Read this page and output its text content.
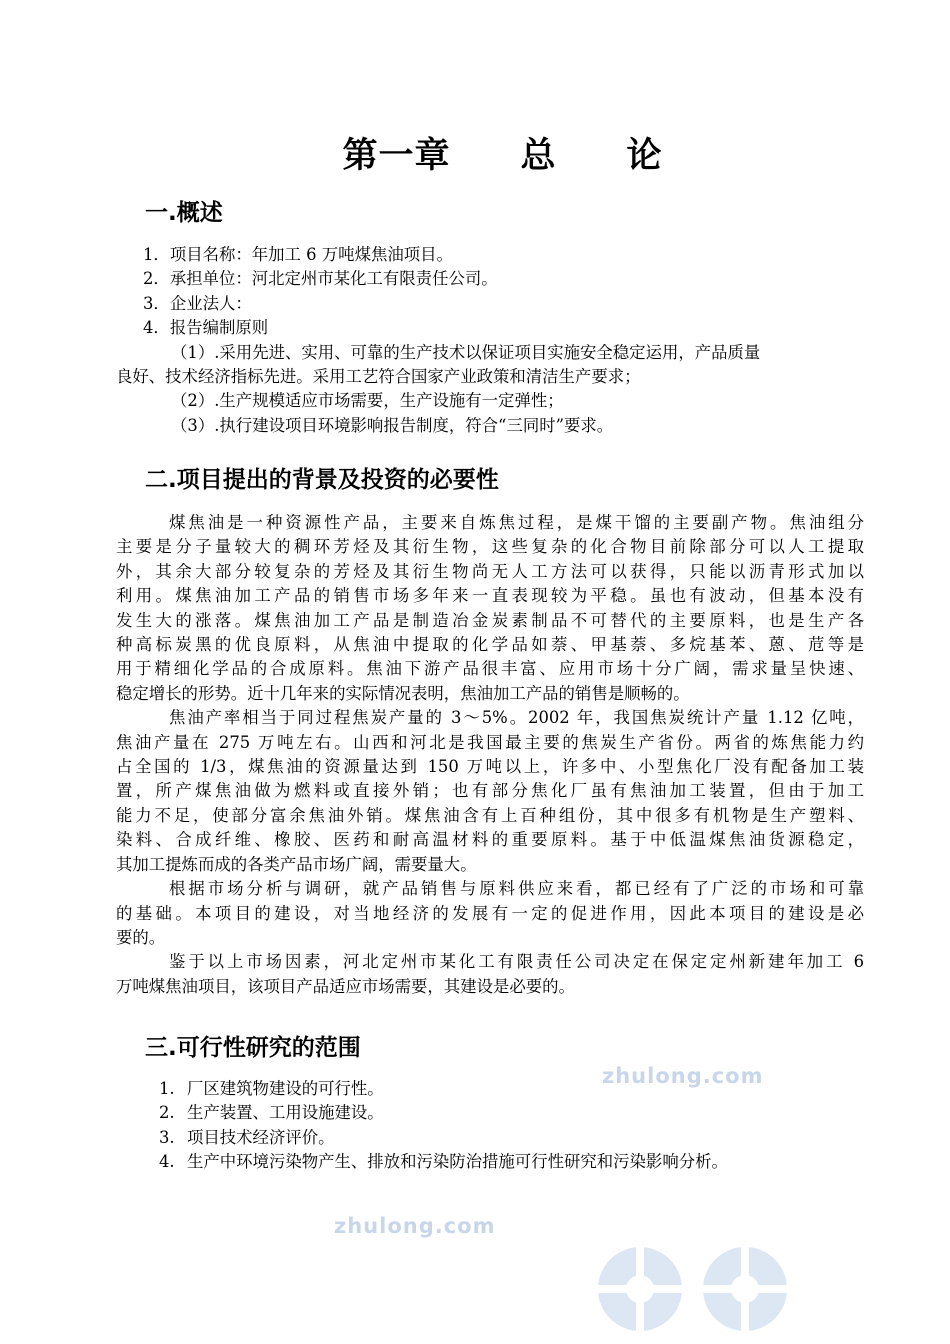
zhulong.com
zhulong.com
第一章 总 论
一.概述
1．项目名称：年加工 6 万吨煤焦油项目。
2．承担单位：河北定州市某化工有限责任公司。
3．企业法人：
4．报告编制原则
（1）.采用先进、实用、可靠的生产技术以保证项目实施安全稳定运用，产品质量
良好、技术经济指标先进。采用工艺符合国家产业政策和清洁生产要求；
（2）.生产规模适应市场需要，生产设施有一定弹性；
（3）.执行建设项目环境影响报告制度，符合“三同时”要求。
二.项目提出的背景及投资的必要性
煤焦油是一种资源性产品，主要来自炼焦过程，是煤干馏的主要副产物。焦油组分
主要是分子量较大的稠环芳烃及其衍生物，这些复杂的化合物目前除部分可以人工提取
外，其余大部分较复杂的芳烃及其衍生物尚无人工方法可以获得，只能以沥青形式加以
利用。煤焦油加工产品的销售市场多年来一直表现较为平稳。虽也有波动，但基本没有
发生大的涨落。煤焦油加工产品是制造冶金炭素制品不可替代的主要原料，也是生产各
种高标炭黑的优良原料，从焦油中提取的化学品如萘、甲基萘、多烷基苯、蒽、苊等是
用于精细化学品的合成原料。焦油下游产品很丰富、应用市场十分广阔，需求量呈快速、
稳定增长的形势。近十几年来的实际情况表明，焦油加工产品的销售是顺畅的。
焦油产率相当于同过程焦炭产量的 3～5%。2002 年，我国焦炭统计产量 1.12 亿吨，
焦油产量在 275 万吨左右。山西和河北是我国最主要的焦炭生产省份。两省的炼焦能力约
占全国的 1/3，煤焦油的资源量达到 150 万吨以上，许多中、小型焦化厂没有配备加工装
置，所产煤焦油做为燃料或直接外销；也有部分焦化厂虽有焦油加工装置，但由于加工
能力不足，使部分富余焦油外销。煤焦油含有上百种组份，其中很多有机物是生产塑料、
染料、合成纤维、橡胶、医药和耐高温材料的重要原料。基于中低温煤焦油货源稳定，
其加工提炼而成的各类产品市场广阔，需要量大。
根据市场分析与调研，就产品销售与原料供应来看，都已经有了广泛的市场和可靠
的基础。本项目的建设，对当地经济的发展有一定的促进作用，因此本项目的建设是必
要的。
鉴于以上市场因素，河北定州市某化工有限责任公司决定在保定定州新建年加工 6
万吨煤焦油项目，该项目产品适应市场需要，其建设是必要的。
三.可行性研究的范围
1. 厂区建筑物建设的可行性。
2. 生产装置、工用设施建设。
3. 项目技术经济评价。
4. 生产中环境污染物产生、排放和污染防治措施可行性研究和污染影响分析。
